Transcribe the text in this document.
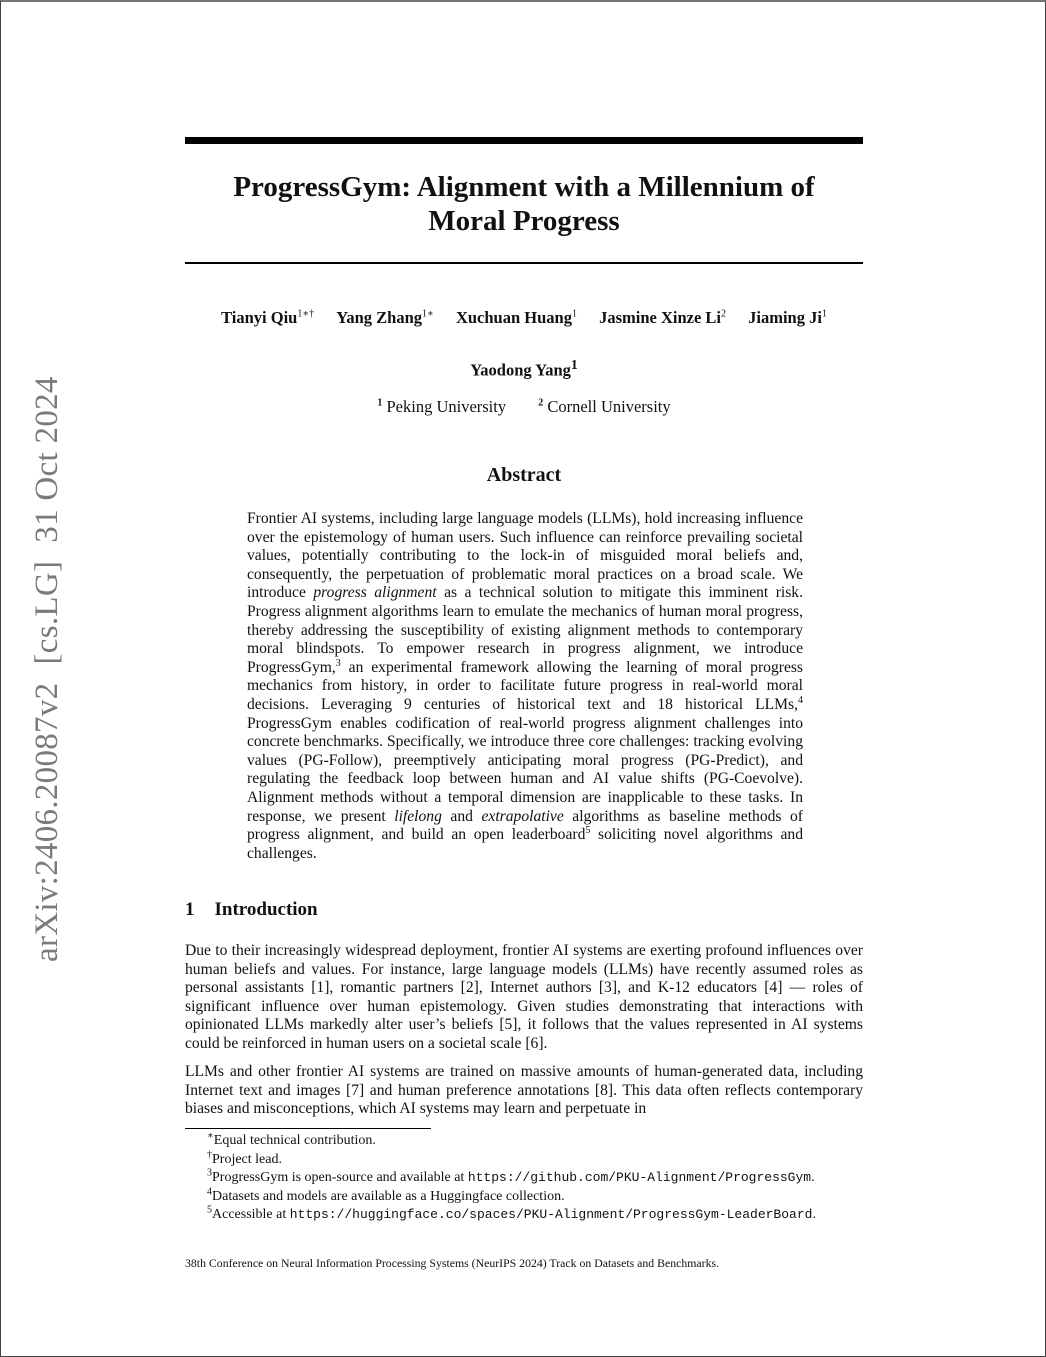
arXiv:2406.20087v2[cs.LG]31 Oct 2024
ProgressGym: Alignment with a Millennium of
Moral Progress
Tianyi Qiu$^{1∗\dagger}$ Yang Zhang$^{1∗}$ Xuchuan Huang$^1$ Jasmine Xinze Li$^2$ Jiaming Ji$^1$
Yaodong Yang$^1$
$^1$ Peking University	$^2$ Cornell University
Abstract
Frontier AI systems, including large language models (LLMs), hold increasing influence over the epistemology of human users. Such influence can reinforce prevailing societal values, potentially contributing to the lock-in of misguided moral beliefs and, consequently, the perpetuation of problematic moral practices on a broad scale. We introduce progress alignment as a technical solution to mitigate this imminent risk. Progress alignment algorithms learn to emulate the mechanics of human moral progress, thereby addressing the susceptibility of existing alignment methods to contemporary moral blindspots. To empower research in progress alignment, we introduce ProgressGym,$^3$ an experimental framework allowing the learning of moral progress mechanics from history, in order to facilitate future progress in real-world moral decisions. Leveraging 9 centuries of historical text and 18 historical LLMs,$^4$ ProgressGym enables codification of real-world progress alignment challenges into concrete benchmarks. Specifically, we introduce three core challenges: tracking evolving values (PG-Follow), preemptively anticipating moral progress (PG-Predict), and regulating the feedback loop between human and AI value shifts (PG-Coevolve). Alignment methods without a temporal dimension are inapplicable to these tasks. In response, we present lifelong and extrapolative algorithms as baseline methods of progress alignment, and build an open leaderboard$^5$ soliciting novel algorithms and challenges.
1 Introduction
Due to their increasingly widespread deployment, frontier AI systems are exerting profound influences over human beliefs and values. For instance, large language models (LLMs) have recently assumed roles as personal assistants [1], romantic partners [2], Internet authors [3], and K-12 educators [4] — roles of significant influence over human epistemology. Given studies demonstrating that interactions with opinionated LLMs markedly alter user’s beliefs [5], it follows that the values represented in AI systems could be reinforced in human users on a societal scale [6].
LLMs and other frontier AI systems are trained on massive amounts of human-generated data, including Internet text and images [7] and human preference annotations [8]. This data often reflects contemporary biases and misconceptions, which AI systems may learn and perpetuate in
∗Equal technical contribution.
†Project lead.
$^3$ProgressGym is open-source and available at https://github.com/PKU-Alignment/ProgressGym.
$^4$Datasets and models are available as a Huggingface collection.
$^5$Accessible at https://huggingface.co/spaces/PKU-Alignment/ProgressGym-LeaderBoard.
38th Conference on Neural Information Processing Systems (NeurIPS 2024) Track on Datasets and Benchmarks.
